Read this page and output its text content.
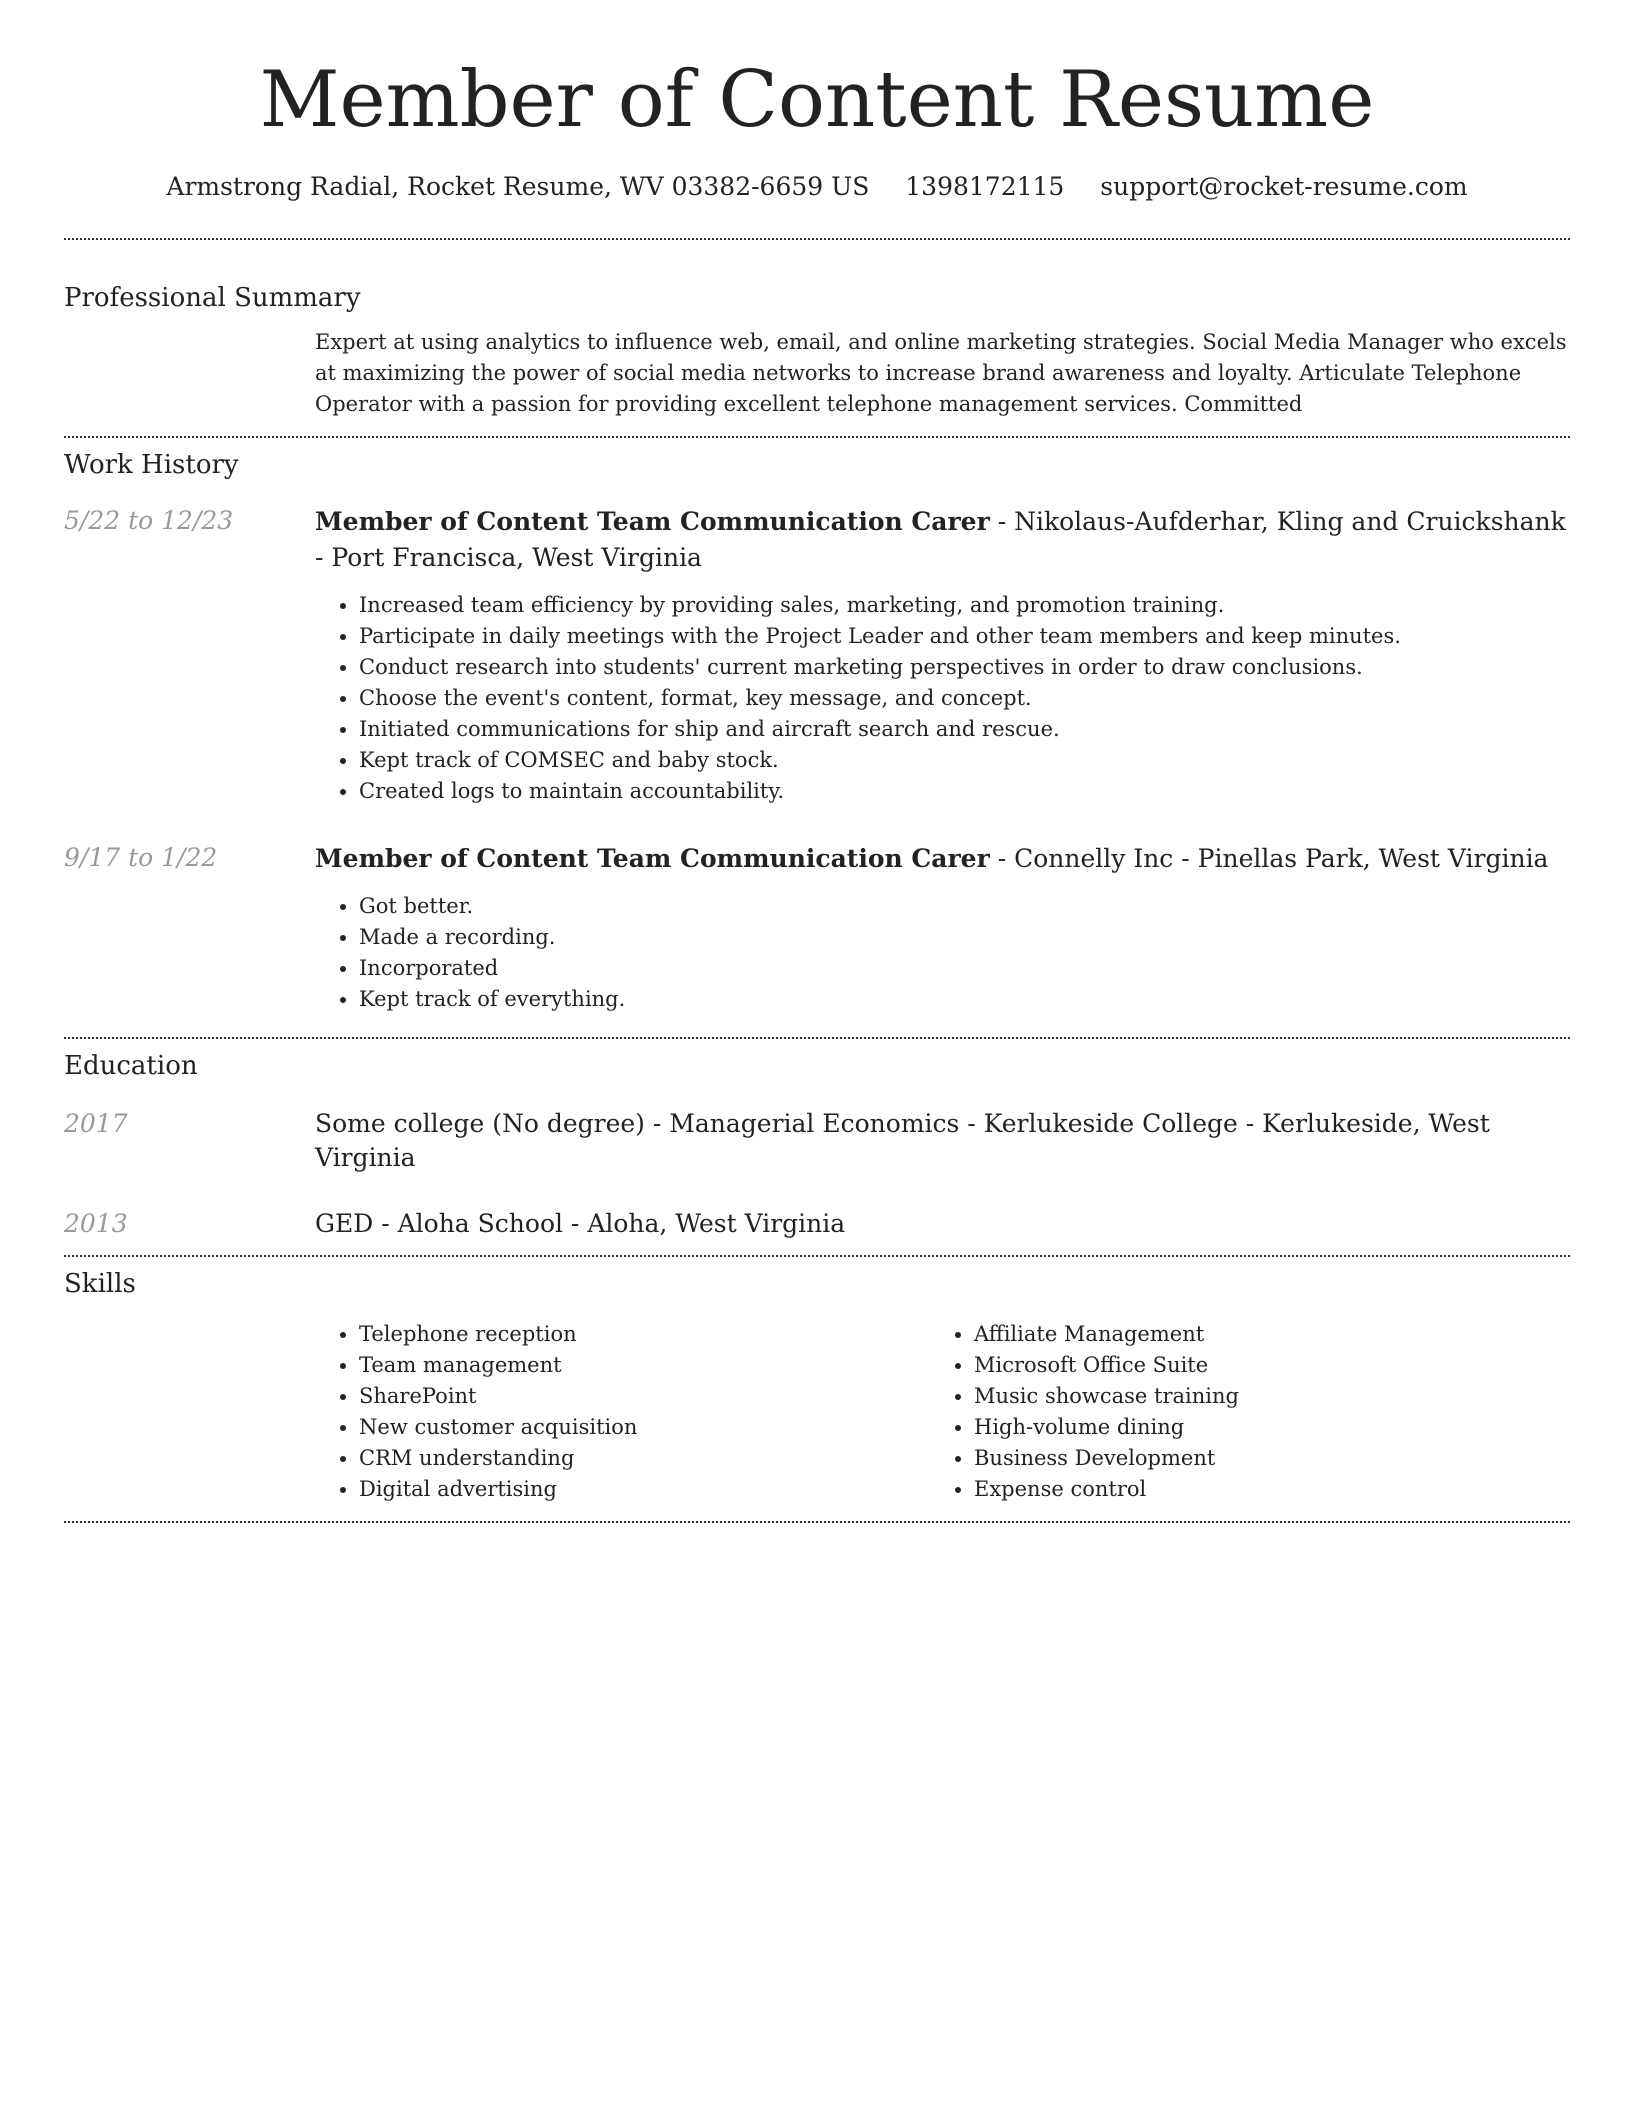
Member of Content Resume
Armstrong Radial, Rocket Resume, WV 03382-6659 US 1398172115 support@rocket-resume.com
Professional Summary

Expert at using analytics to influence web, email, and online marketing strategies. Social Media Manager who excels at maximizing the power of social media networks to increase brand awareness and loyalty. Articulate Telephone Operator with a passion for providing excellent telephone management services. Committed

Work History
5/22 to 12/23	Member of Content Team Communication Carer - Nikolaus-Aufderhar, Kling and Cruickshank - Port Francisca, West Virginia

• Increased team efficiency by providing sales, marketing, and promotion training.
• Participate in daily meetings with the Project Leader and other team members and keep minutes.
• Conduct research into students' current marketing perspectives in order to draw conclusions.
• Choose the event's content, format, key message, and concept.
• Initiated communications for ship and aircraft search and rescue.
• Kept track of COMSEC and baby stock.
• Created logs to maintain accountability.
9/17 to 1/22	Member of Content Team Communication Carer - Connelly Inc - Pinellas Park, West Virginia

• Got better.
• Made a recording.
• Incorporated
• Kept track of everything.
Education
2017	Some college (No degree) - Managerial Economics - Kerlukeside College - Kerlukeside, West Virginia

2013	GED - Aloha School - Aloha, West Virginia

Skills
• Telephone reception
• Team management
• SharePoint
• New customer acquisition
• CRM understanding
• Digital advertising
• Affiliate Management
• Microsoft Office Suite
• Music showcase training
• High-volume dining
• Business Development
• Expense control
